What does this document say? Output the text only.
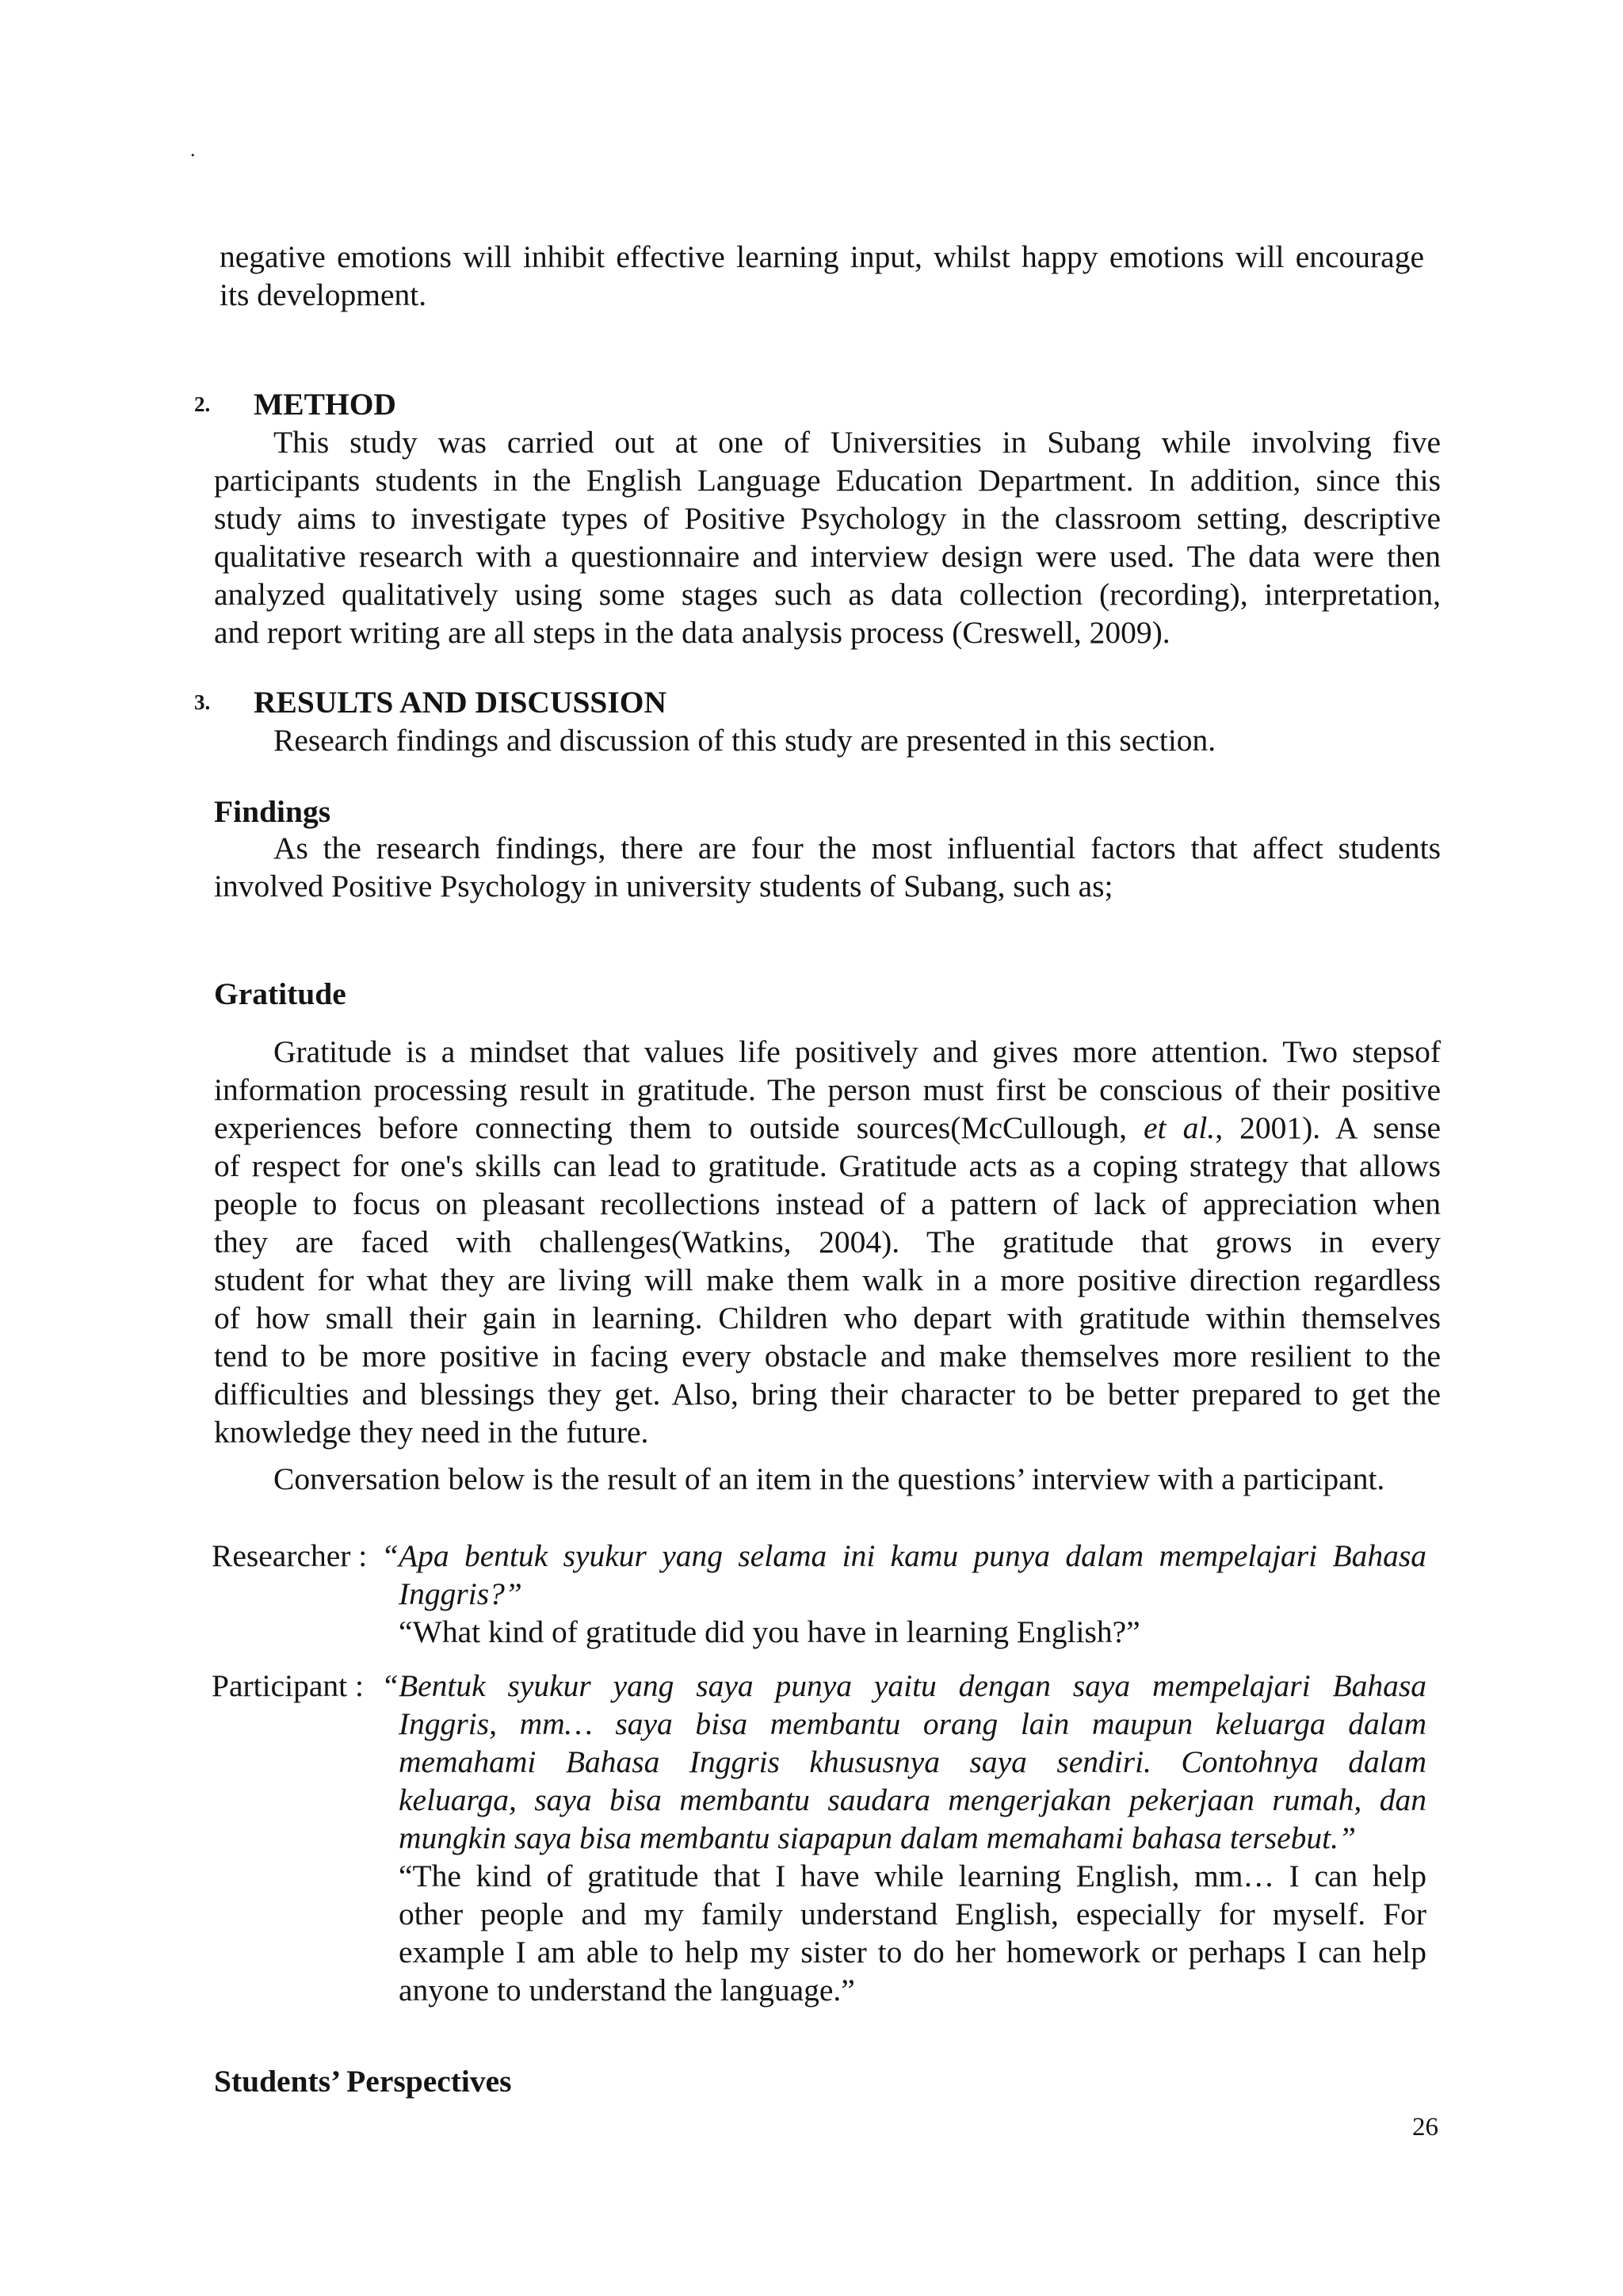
.
negative emotions will inhibit effective learning input, whilst happy emotions will encourage
its development.
2. METHOD
This study was carried out at one of Universities in Subang while involving five
participants students in the English Language Education Department. In addition, since this
study aims to investigate types of Positive Psychology in the classroom setting, descriptive
qualitative research with a questionnaire and interview design were used. The data were then
analyzed qualitatively using some stages such as data collection (recording), interpretation,
and report writing are all steps in the data analysis process (Creswell, 2009).
3. RESULTS AND DISCUSSION
Research findings and discussion of this study are presented in this section.
Findings
As the research findings, there are four the most influential factors that affect students
involved Positive Psychology in university students of Subang, such as;
Gratitude
Gratitude is a mindset that values life positively and gives more attention. Two stepsof
information processing result in gratitude. The person must first be conscious of their positive
experiences before connecting them to outside sources(McCullough, et al., 2001). A sense
of respect for one's skills can lead to gratitude. Gratitude acts as a coping strategy that allows
people to focus on pleasant recollections instead of a pattern of lack of appreciation when
they are faced with challenges(Watkins, 2004). The gratitude that grows in every
student for what they are living will make them walk in a more positive direction regardless
of how small their gain in learning. Children who depart with gratitude within themselves
tend to be more positive in facing every obstacle and make themselves more resilient to the
difficulties and blessings they get. Also, bring their character to be better prepared to get the
knowledge they need in the future.
Conversation below is the result of an item in the questions’ interview with a participant.
Researcher : “Apa bentuk syukur yang selama ini kamu punya dalam mempelajari Bahasa
Inggris?”
“What kind of gratitude did you have in learning English?”
Participant : “Bentuk syukur yang saya punya yaitu dengan saya mempelajari Bahasa
Inggris, mm… saya bisa membantu orang lain maupun keluarga dalam
memahami Bahasa Inggris khususnya saya sendiri. Contohnya dalam
keluarga, saya bisa membantu saudara mengerjakan pekerjaan rumah, dan
mungkin saya bisa membantu siapapun dalam memahami bahasa tersebut.”
“The kind of gratitude that I have while learning English, mm… I can help
other people and my family understand English, especially for myself. For
example I am able to help my sister to do her homework or perhaps I can help
anyone to understand the language.”
Students’ Perspectives
26
